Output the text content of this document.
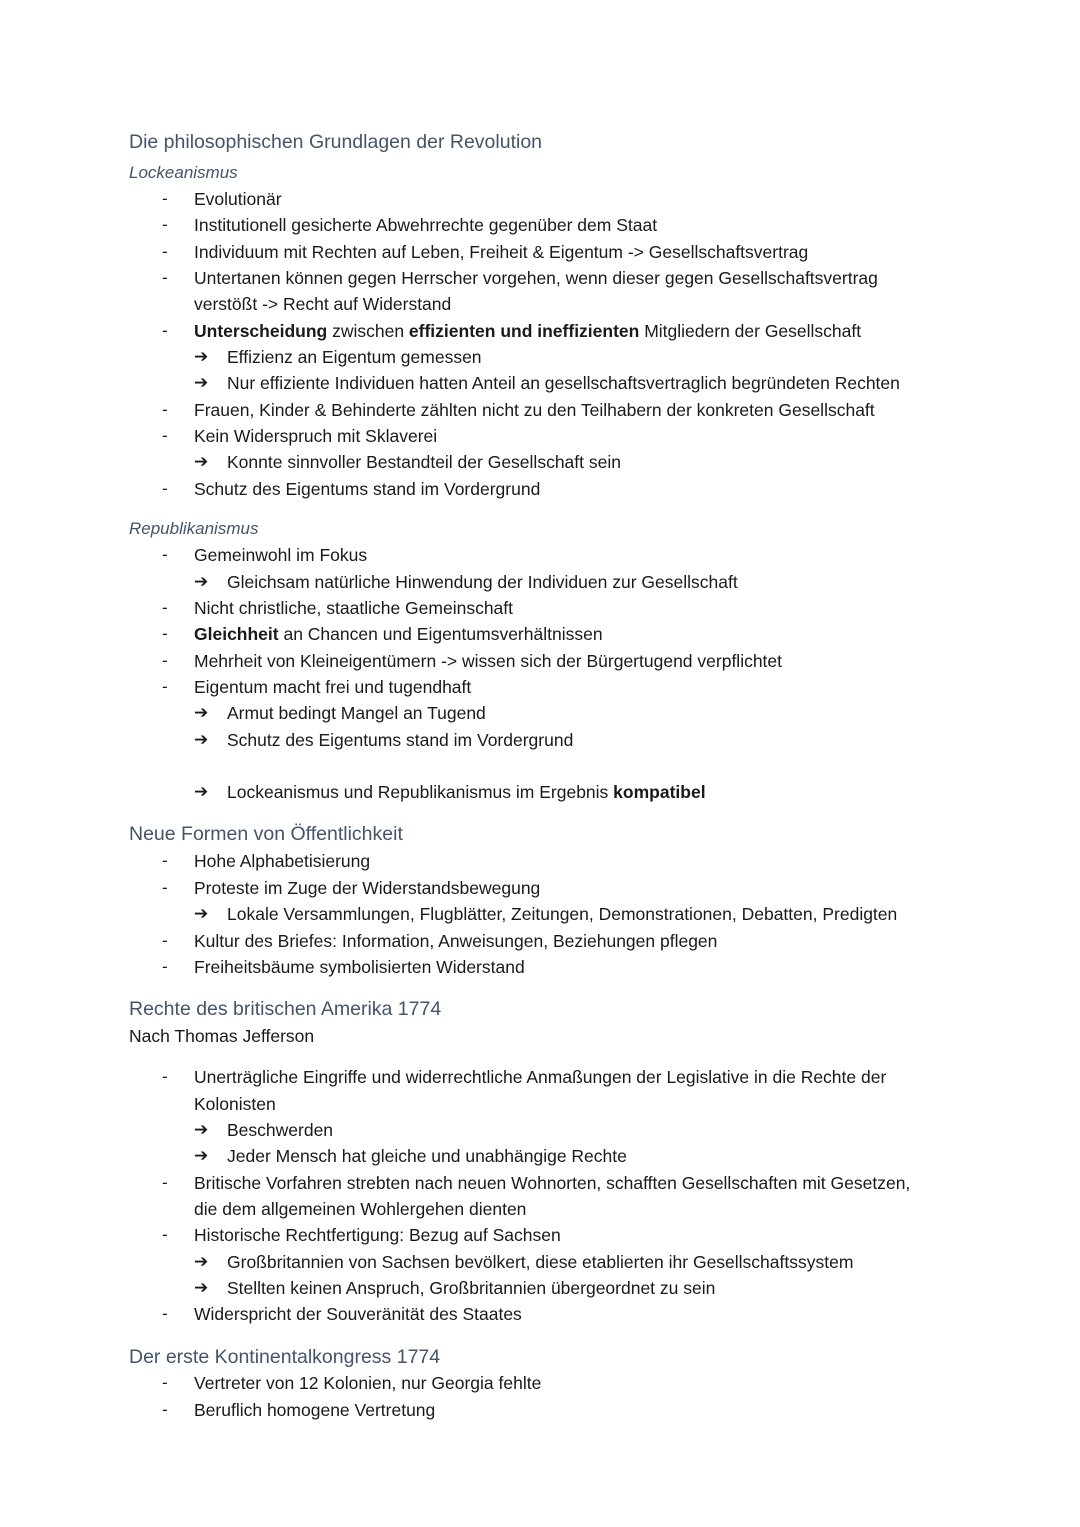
Die philosophischen Grundlagen der Revolution
Lockeanismus
Evolutionär
-
Institutionell gesicherte Abwehrrechte gegenüber dem Staat
-
Individuum mit Rechten auf Leben, Freiheit & Eigentum -> Gesellschaftsvertrag
-
Untertanen können gegen Herrscher vorgehen, wenn dieser gegen Gesellschaftsvertrag
-
verstößt -> Recht auf Widerstand
Unterscheidung zwischen effizienten und ineffizienten Mitgliedern der Gesellschaft
-
Effizienz an Eigentum gemessen
➔
Nur effiziente Individuen hatten Anteil an gesellschaftsvertraglich begründeten Rechten
➔
Frauen, Kinder & Behinderte zählten nicht zu den Teilhabern der konkreten Gesellschaft
-
Kein Widerspruch mit Sklaverei
-
Konnte sinnvoller Bestandteil der Gesellschaft sein
➔
Schutz des Eigentums stand im Vordergrund
-
Republikanismus
Gemeinwohl im Fokus
-
Gleichsam natürliche Hinwendung der Individuen zur Gesellschaft
➔
Nicht christliche, staatliche Gemeinschaft
-
Gleichheit an Chancen und Eigentumsverhältnissen
-
Mehrheit von Kleineigentümern -> wissen sich der Bürgertugend verpflichtet
-
Eigentum macht frei und tugendhaft
-
Armut bedingt Mangel an Tugend
➔
Schutz des Eigentums stand im Vordergrund
➔
Lockeanismus und Republikanismus im Ergebnis kompatibel
➔
Neue Formen von Öffentlichkeit
Hohe Alphabetisierung
-
Proteste im Zuge der Widerstandsbewegung
-
Lokale Versammlungen, Flugblätter, Zeitungen, Demonstrationen, Debatten, Predigten
➔
Kultur des Briefes: Information, Anweisungen, Beziehungen pflegen
-
Freiheitsbäume symbolisierten Widerstand
-
Rechte des britischen Amerika 1774
Nach Thomas Jefferson
Unerträgliche Eingriffe und widerrechtliche Anmaßungen der Legislative in die Rechte der
-
Kolonisten
Beschwerden
➔
Jeder Mensch hat gleiche und unabhängige Rechte
➔
Britische Vorfahren strebten nach neuen Wohnorten, schafften Gesellschaften mit Gesetzen,
-
die dem allgemeinen Wohlergehen dienten
Historische Rechtfertigung: Bezug auf Sachsen
-
Großbritannien von Sachsen bevölkert, diese etablierten ihr Gesellschaftssystem
➔
Stellten keinen Anspruch, Großbritannien übergeordnet zu sein
➔
Widerspricht der Souveränität des Staates
-
Der erste Kontinentalkongress 1774
Vertreter von 12 Kolonien, nur Georgia fehlte
-
Beruflich homogene Vertretung
-
